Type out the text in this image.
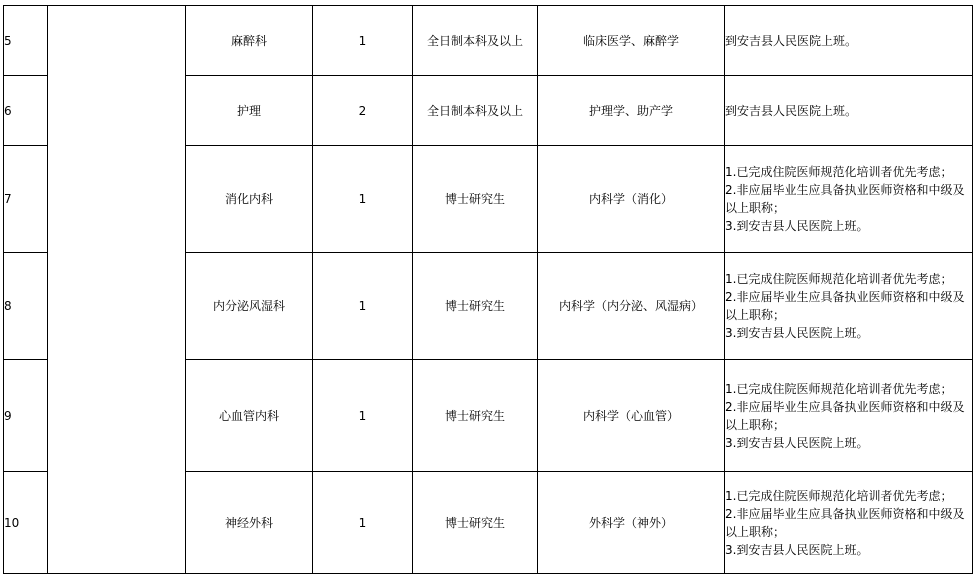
5		麻醉科	1	全日制本科及以上	临床医学、麻醉学	到安吉县人民医院上班。

6		护理	2	全日制本科及以上	护理学、助产学	到安吉县人民医院上班。

7		消化内科	1	博士研究生	内科学（消化）	1.已完成住院医师规范化培训者优先考虑；
2.非应届毕业生应具备执业医师资格和中级及以上职称；
3.到安吉县人民医院上班。

8		内分泌风湿科	1	博士研究生	内科学（内分泌、风湿病）	1.已完成住院医师规范化培训者优先考虑；
2.非应届毕业生应具备执业医师资格和中级及以上职称；
3.到安吉县人民医院上班。

9		心血管内科	1	博士研究生	内科学（心血管）	1.已完成住院医师规范化培训者优先考虑；
2.非应届毕业生应具备执业医师资格和中级及以上职称；
3.到安吉县人民医院上班。

10		神经外科	1	博士研究生	外科学（神外）	1.已完成住院医师规范化培训者优先考虑；
2.非应届毕业生应具备执业医师资格和中级及以上职称；
3.到安吉县人民医院上班。
